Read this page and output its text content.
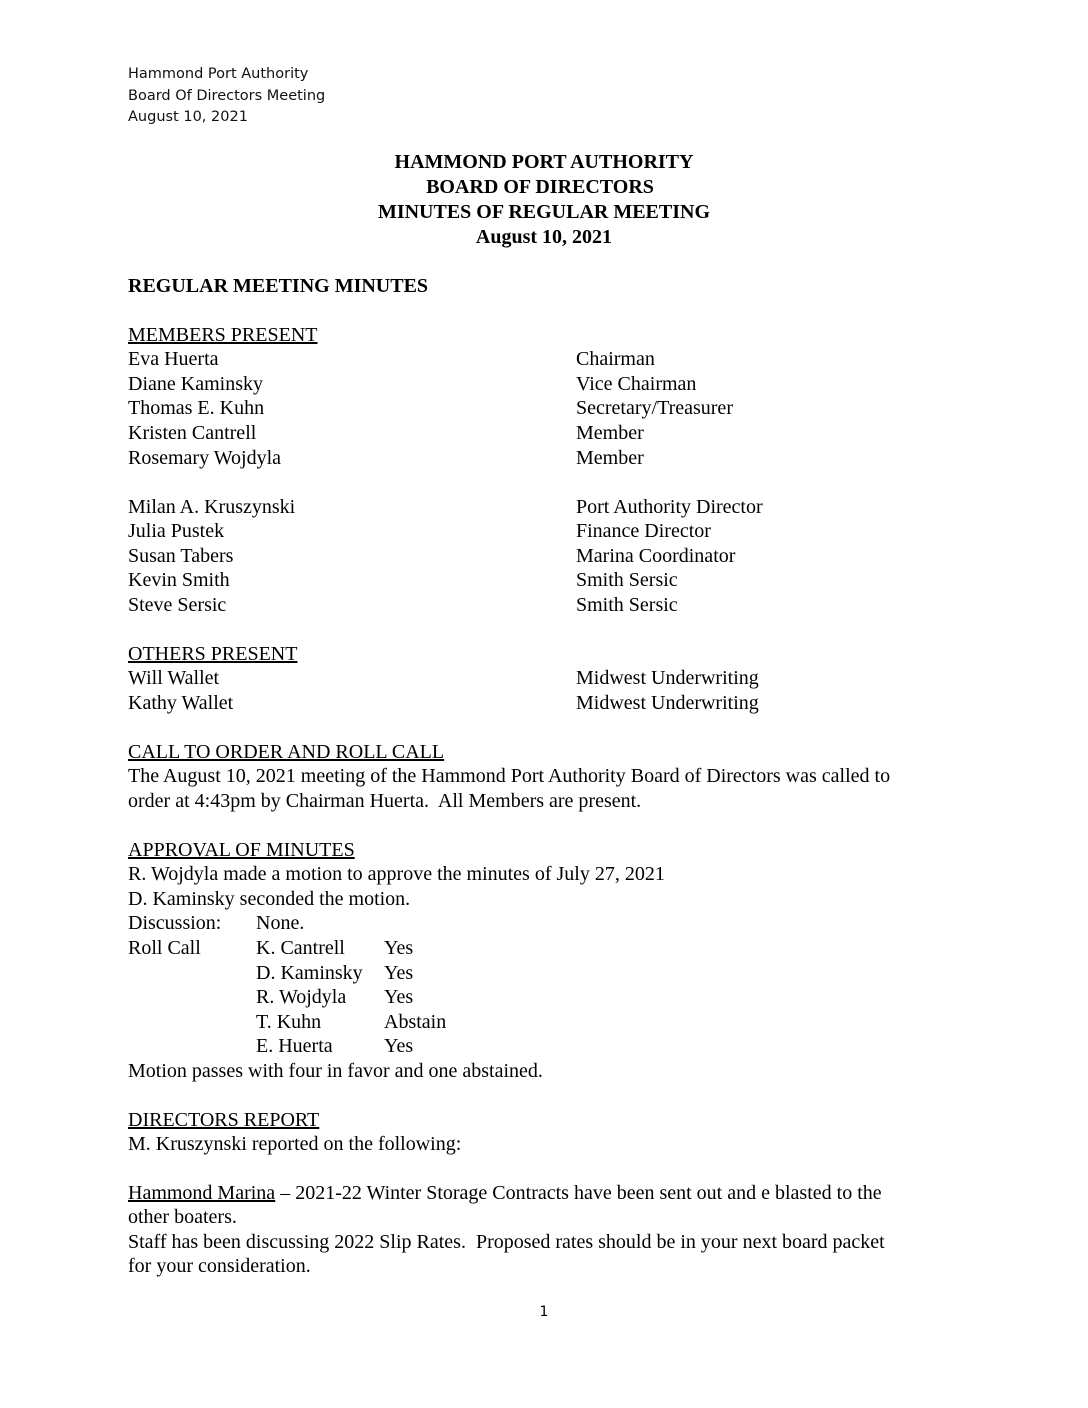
Hammond Port Authority
Board Of Directors Meeting
August 10, 2021
HAMMOND PORT AUTHORITY
BOARD OF DIRECTORS
MINUTES OF REGULAR MEETING
August 10, 2021
REGULAR MEETING MINUTES
MEMBERS PRESENT
Eva Huerta	Chairman
Diane Kaminsky	Vice Chairman
Thomas E. Kuhn	Secretary/Treasurer
Kristen Cantrell	Member
Rosemary Wojdyla	Member
Milan A. Kruszynski	Port Authority Director
Julia Pustek	Finance Director
Susan Tabers	Marina Coordinator
Kevin Smith	Smith Sersic
Steve Sersic	Smith Sersic
OTHERS PRESENT
Will Wallet	Midwest Underwriting
Kathy Wallet	Midwest Underwriting
CALL TO ORDER AND ROLL CALL
The August 10, 2021 meeting of the Hammond Port Authority Board of Directors was called to
order at 4:43pm by Chairman Huerta.  All Members are present.
APPROVAL OF MINUTES
R. Wojdyla made a motion to approve the minutes of July 27, 2021
D. Kaminsky seconded the motion.
Discussion: None.
Roll Call	K. Cantrell Yes
D. Kaminsky Yes
R. Wojdyla Yes
T. Kuhn	Abstain
E. Huerta	Yes
Motion passes with four in favor and one abstained.
DIRECTORS REPORT
M. Kruszynski reported on the following:
Hammond Marina – 2021-22 Winter Storage Contracts have been sent out and e blasted to the
other boaters.
Staff has been discussing 2022 Slip Rates.  Proposed rates should be in your next board packet
for your consideration.
1
